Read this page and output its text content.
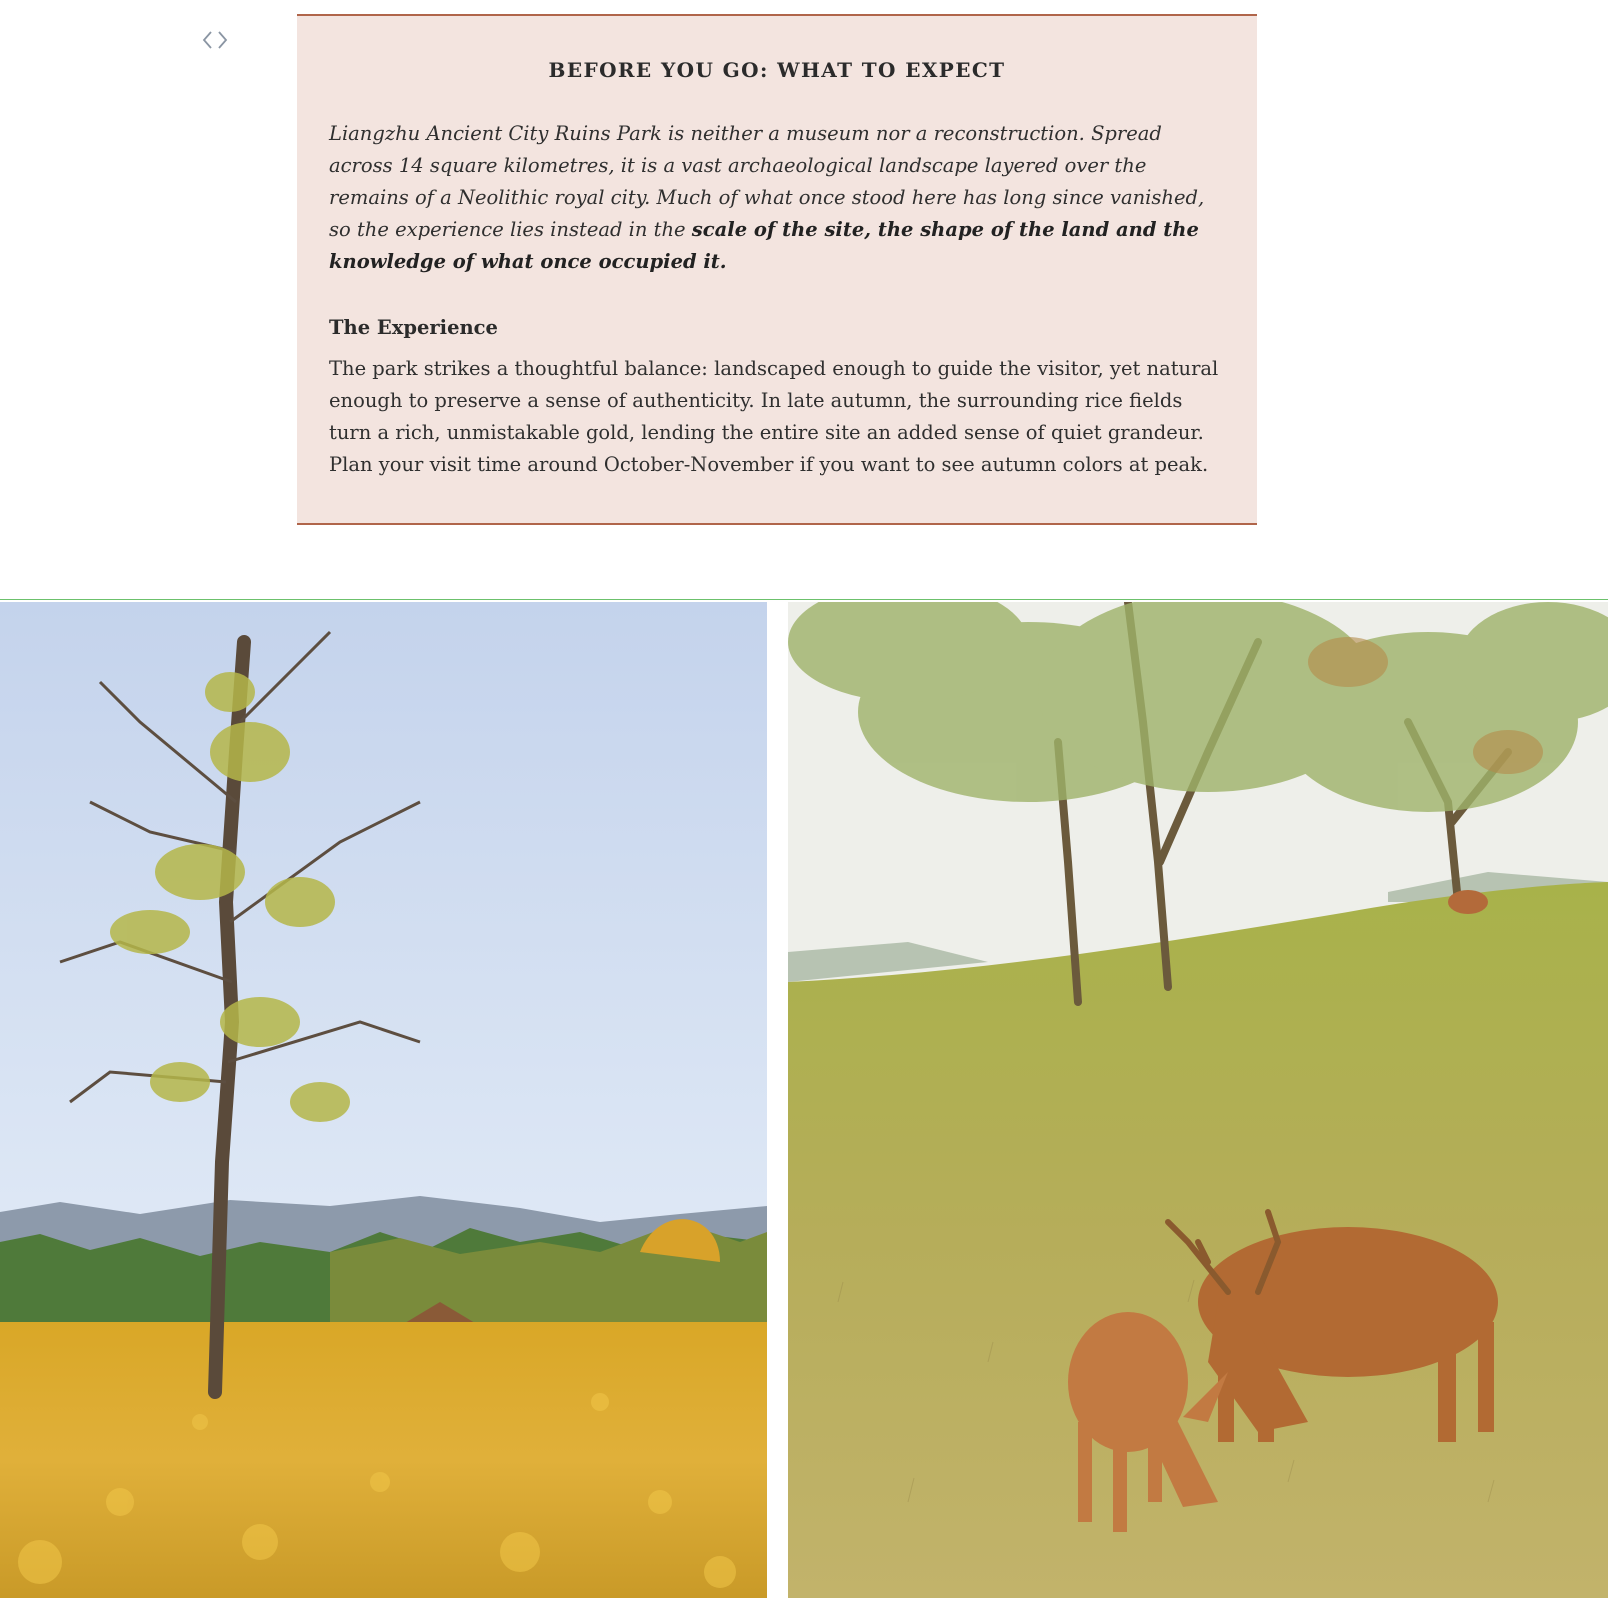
BEFORE YOU GO: WHAT TO EXPECT

Liangzhu Ancient City Ruins Park is neither a museum nor a reconstruction. Spread across 14 square kilometres, it is a vast archaeological landscape layered over the remains of a Neolithic royal city. Much of what once stood here has long since vanished, so the experience lies instead in the scale of the site, the shape of the land and the knowledge of what once occupied it.

The Experience

The park strikes a thoughtful balance: landscaped enough to guide the visitor, yet natural enough to preserve a sense of authenticity. In late autumn, the surrounding rice fields turn a rich, unmistakable gold, lending the entire site an added sense of quiet grandeur. Plan your visit time around October-November if you want to see autumn colors at peak.
